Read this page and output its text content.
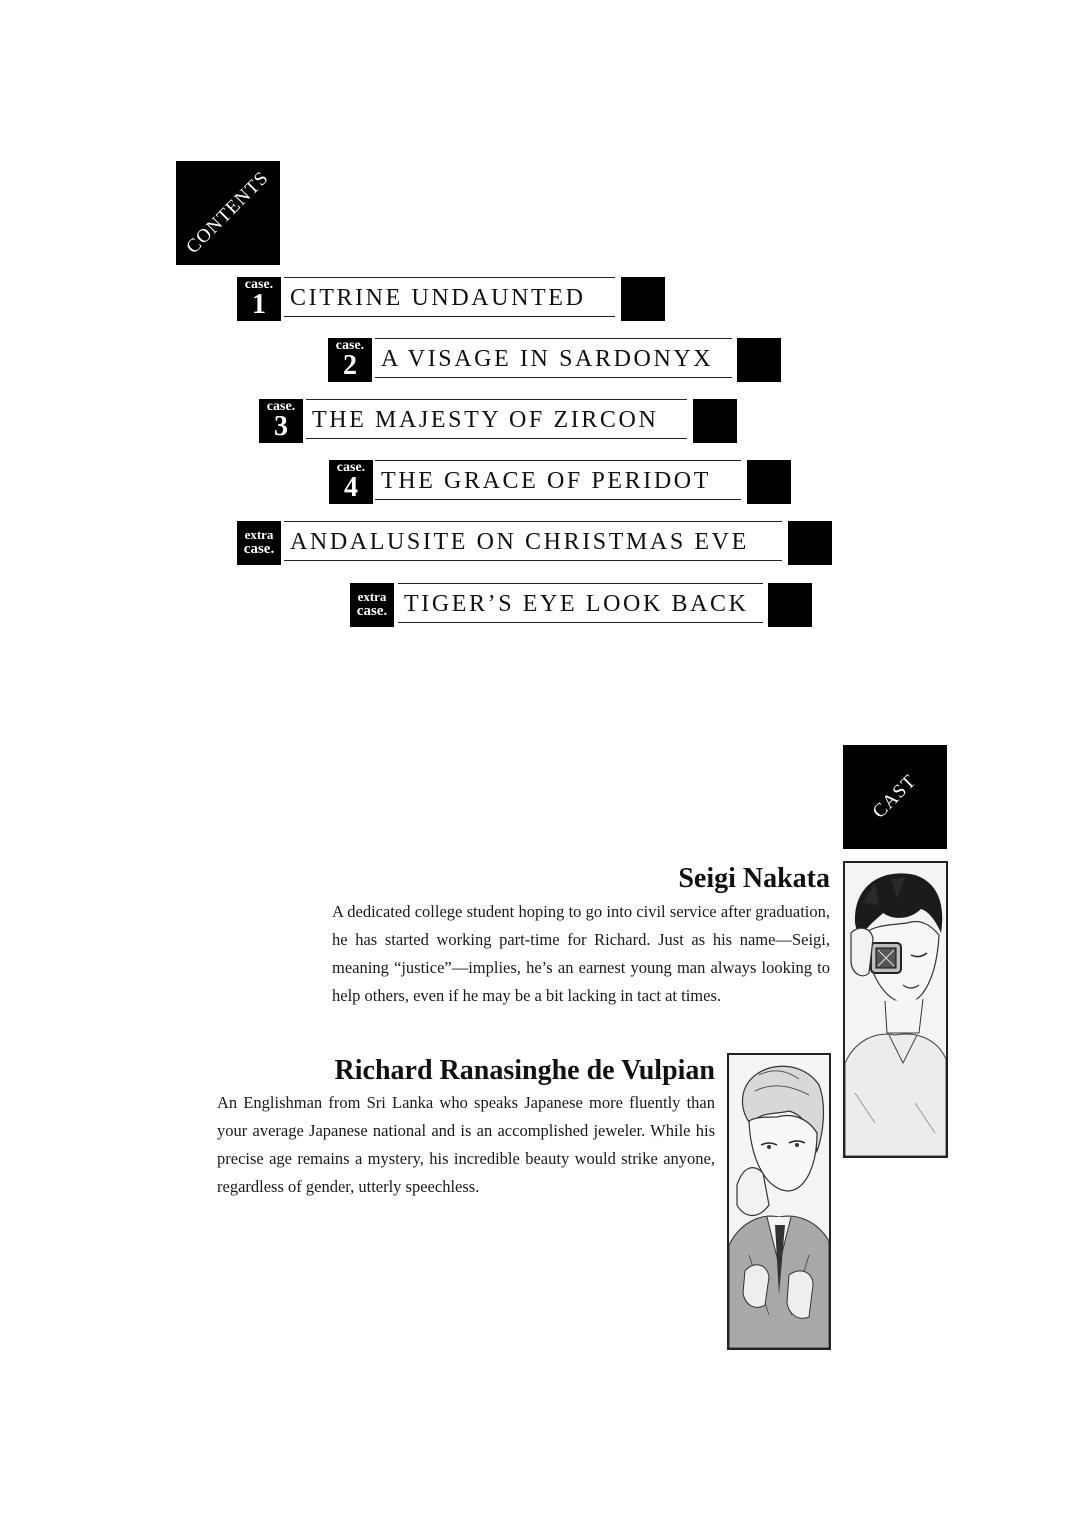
CONTENTS
case.
1	CITRINE UNDAUNTED
case.
2	A VISAGE IN SARDONYX
case.
3	THE MAJESTY OF ZIRCON
case.
4 THE GRACE OF PERIDOT
extra
case. ANDALUSITE ON CHRISTMAS EVE
extra
case. TIGER’S EYE LOOK BACK
CAST
Seigi Nakata
A dedicated college student hoping to go into civil service after graduation, he has started working part-time for Richard. Just as his name—Seigi, meaning “justice”—implies, he’s an earnest young man always looking to help others, even if he may be a bit lacking in tact at times.
Richard Ranasinghe de Vulpian
An Englishman from Sri Lanka who speaks Japanese more fluently than your average Japanese national and is an accomplished jeweler. While his precise age remains a mystery, his incredible beauty would strike anyone, regardless of gender, utterly speechless.
